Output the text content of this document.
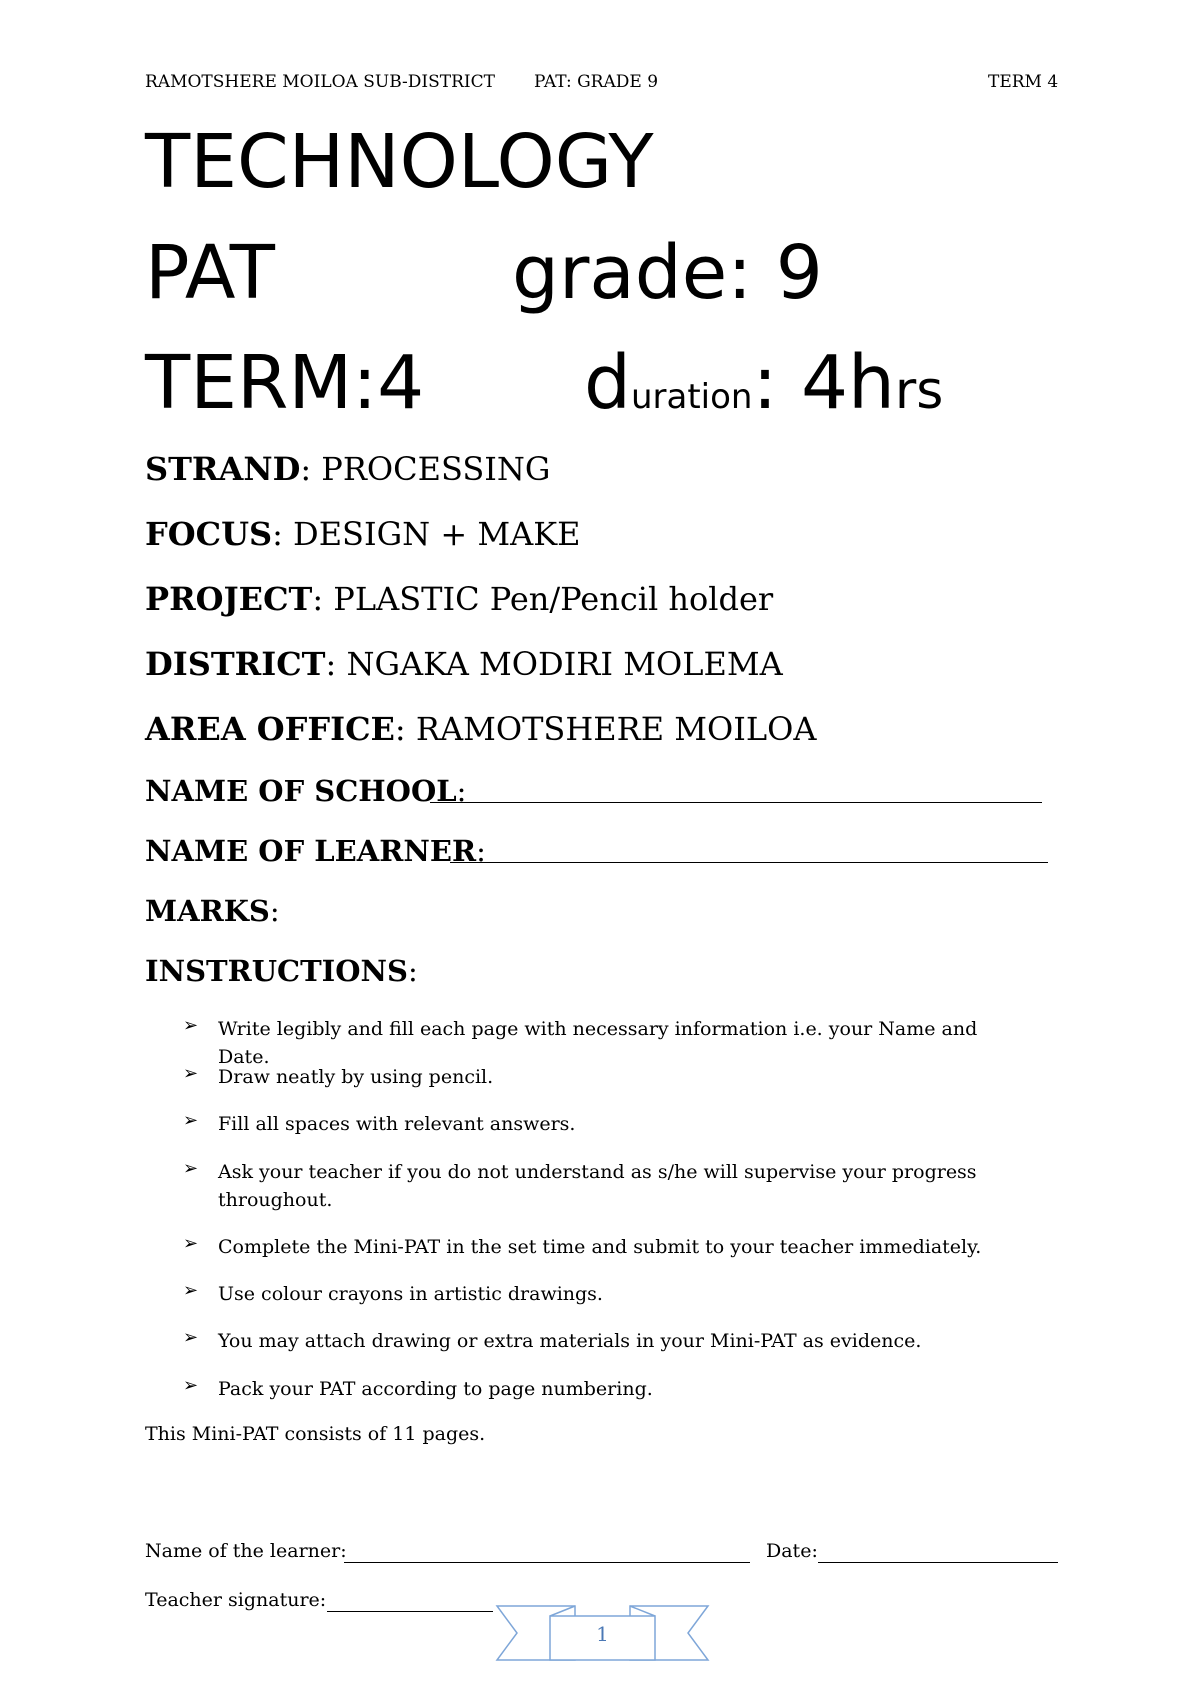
RAMOTSHERE MOILOA SUB-DISTRICT PAT: GRADE 9	TERM 4
TECHNOLOGY
PAT	grade: 9
TERM:4 duration: 4hrs
STRAND: PROCESSING
FOCUS: DESIGN + MAKE
PROJECT: PLASTIC Pen/Pencil holder
DISTRICT: NGAKA MODIRI MOLEMA
AREA OFFICE: RAMOTSHERE MOILOA
NAME OF SCHOOL:
NAME OF LEARNER:
MARKS:
INSTRUCTIONS:
➢ Write legibly and fill each page with necessary information i.e. your Name and Date.
➢ Draw neatly by using pencil.
➢ Fill all spaces with relevant answers.
➢ Ask your teacher if you do not understand as s/he will supervise your progress throughout.
➢ Complete the Mini-PAT in the set time and submit to your teacher immediately.
➢ Use colour crayons in artistic drawings.
➢ You may attach drawing or extra materials in your Mini-PAT as evidence.
➢ Pack your PAT according to page numbering.
This Mini-PAT consists of 11 pages.
Name of the learner:	Date:
Teacher signature:
1
